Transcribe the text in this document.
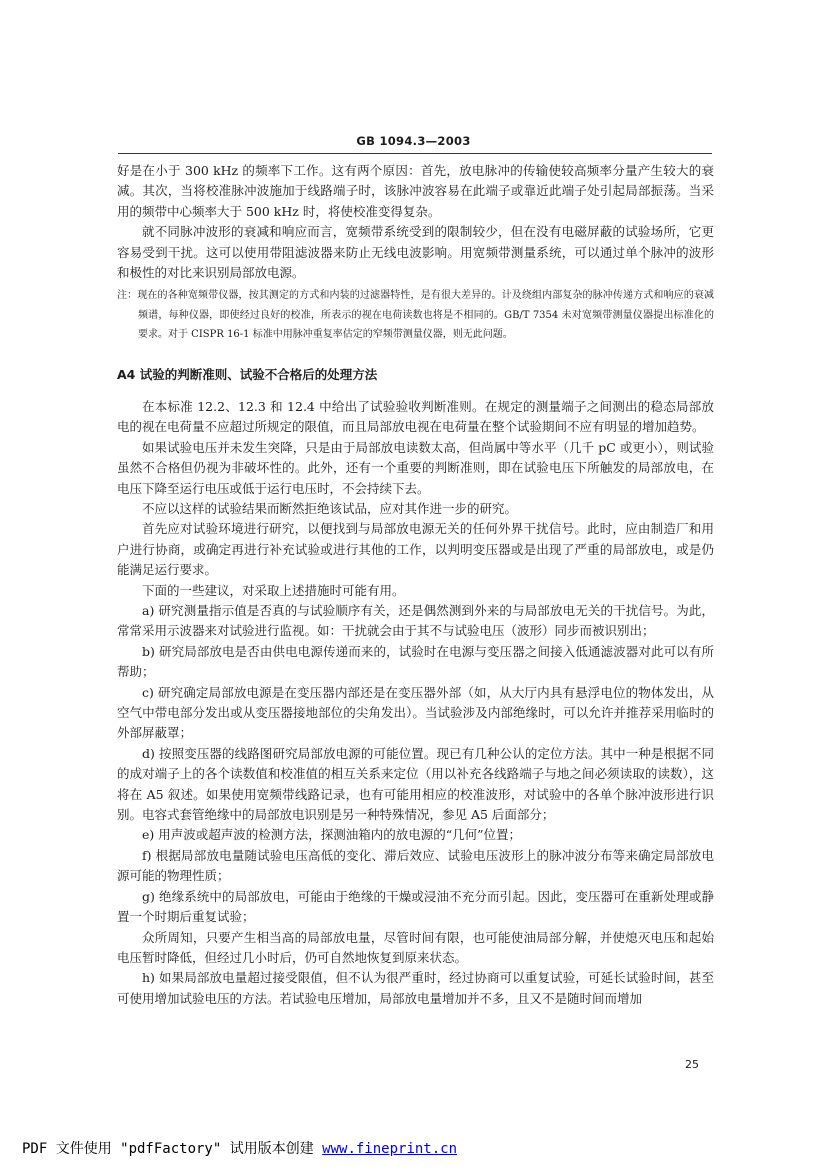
GB 1094.3—2003

好是在小于 300 kHz 的频率下工作。这有两个原因：首先，放电脉冲的传输使较高频率分量产生较大的衰减。其次，当将校准脉冲波施加于线路端子时，该脉冲波容易在此端子或靠近此端子处引起局部振荡。当采用的频带中心频率大于 500 kHz 时，将使校准变得复杂。

就不同脉冲波形的衰减和响应而言，宽频带系统受到的限制较少，但在没有电磁屏蔽的试验场所，它更容易受到干扰。这可以使用带阻滤波器来防止无线电波影响。用宽频带测量系统，可以通过单个脉冲的波形和极性的对比来识别局部放电源。

注：现在的各种宽频带仪器，按其测定的方式和内装的过滤器特性，是有很大差异的。计及绕组内部复杂的脉冲传递方式和响应的衰减频谱，每种仪器，即使经过良好的校准，所表示的视在电荷读数也将是不相同的。GB/T 7354 未对宽频带测量仪器提出标准化的要求。对于 CISPR 16-1 标准中用脉冲重复率估定的窄频带测量仪器，则无此问题。

A4 试验的判断准则、试验不合格后的处理方法

在本标准 12.2、12.3 和 12.4 中给出了试验验收判断准则。在规定的测量端子之间测出的稳态局部放电的视在电荷量不应超过所规定的限值，而且局部放电视在电荷量在整个试验期间不应有明显的增加趋势。

如果试验电压并未发生突降，只是由于局部放电读数太高，但尚属中等水平（几千 pC 或更小），则试验虽然不合格但仍视为非破坏性的。此外，还有一个重要的判断准则，即在试验电压下所触发的局部放电，在电压下降至运行电压或低于运行电压时，不会持续下去。

不应以这样的试验结果而断然拒绝该试品，应对其作进一步的研究。

首先应对试验环境进行研究，以便找到与局部放电源无关的任何外界干扰信号。此时，应由制造厂和用户进行协商，或确定再进行补充试验或进行其他的工作，以判明变压器或是出现了严重的局部放电，或是仍能满足运行要求。

下面的一些建议，对采取上述措施时可能有用。

a) 研究测量指示值是否真的与试验顺序有关，还是偶然测到外来的与局部放电无关的干扰信号。为此，常常采用示波器来对试验进行监视。如：干扰就会由于其不与试验电压（波形）同步而被识别出；

b) 研究局部放电是否由供电电源传递而来的，试验时在电源与变压器之间接入低通滤波器对此可以有所帮助；

c) 研究确定局部放电源是在变压器内部还是在变压器外部（如，从大厅内具有悬浮电位的物体发出，从空气中带电部分发出或从变压器接地部位的尖角发出）。当试验涉及内部绝缘时，可以允许并推荐采用临时的外部屏蔽罩；

d) 按照变压器的线路图研究局部放电源的可能位置。现已有几种公认的定位方法。其中一种是根据不同的成对端子上的各个读数值和校准值的相互关系来定位（用以补充各线路端子与地之间必须读取的读数），这将在 A5 叙述。如果使用宽频带线路记录，也有可能用相应的校准波形，对试验中的各单个脉冲波形进行识别。电容式套管绝缘中的局部放电识别是另一种特殊情况，参见 A5 后面部分；

e) 用声波或超声波的检测方法，探测油箱内的放电源的“几何”位置；

f) 根据局部放电量随试验电压高低的变化、滞后效应、试验电压波形上的脉冲波分布等来确定局部放电源可能的物理性质；

g) 绝缘系统中的局部放电，可能由于绝缘的干燥或浸油不充分而引起。因此，变压器可在重新处理或静置一个时期后重复试验；

众所周知，只要产生相当高的局部放电量，尽管时间有限，也可能使油局部分解，并使熄灭电压和起始电压暂时降低，但经过几小时后，仍可自然地恢复到原来状态。

h) 如果局部放电量超过接受限值，但不认为很严重时，经过协商可以重复试验，可延长试验时间，甚至可使用增加试验电压的方法。若试验电压增加，局部放电量增加并不多，且又不是随时间而增加

25
PDF 文件使用 "pdfFactory" 试用版本创建 www.fineprint.cn
